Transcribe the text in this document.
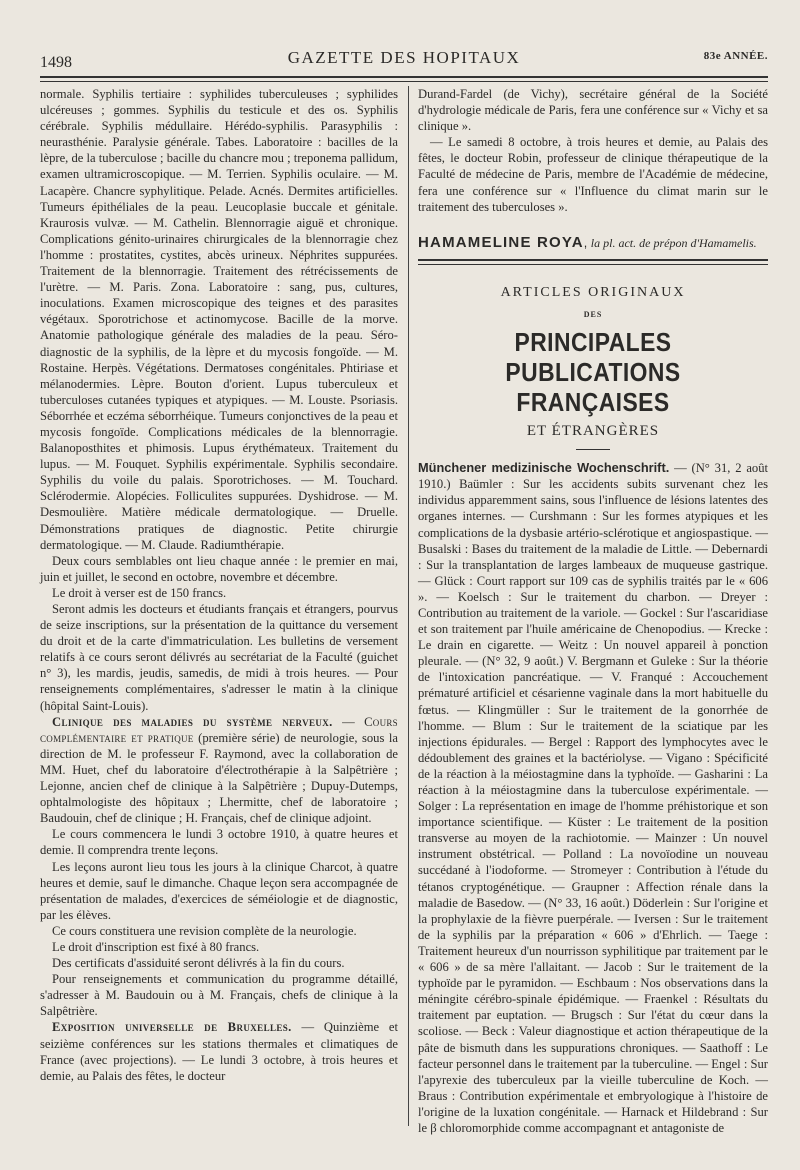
1498	GAZETTE DES HOPITAUX	83e ANNÉE.

normale. Syphilis tertiaire : syphilides tuberculeuses ; syphilides ulcéreuses ; gommes. Syphilis du testicule et des os. Syphilis cérébrale. Syphilis médullaire. Hérédo-syphilis. Parasyphilis : neurasthénie. Paralysie générale. Tabes. Laboratoire : bacilles de la lèpre, de la tuberculose ; bacille du chancre mou ; treponema pallidum, examen ultramicroscopique. — M. Terrien. Syphilis oculaire. — M. Lacapère. Chancre syphylitique. Pelade. Acnés. Dermites artificielles. Tumeurs épithéliales de la peau. Leucoplasie buccale et génitale. Kraurosis vulvæ. — M. Cathelin. Blennorragie aiguë et chronique. Complications génito-urinaires chirurgicales de la blennorragie chez l'homme : prostatites, cystites, abcès urineux. Néphrites suppurées. Traitement de la blennorragie. Traitement des rétrécissements de l'urètre. — M. Paris. Zona. Laboratoire : sang, pus, cultures, inoculations. Examen microscopique des teignes et des parasites végétaux. Sporotrichose et actinomycose. Bacille de la morve. Anatomie pathologique générale des maladies de la peau. Séro-diagnostic de la syphilis, de la lèpre et du mycosis fongoïde. — M. Rostaine. Herpès. Végétations. Dermatoses congénitales. Phtiriase et mélanodermies. Lèpre. Bouton d'orient. Lupus tuberculeux et tuberculoses cutanées typiques et atypiques. — M. Louste. Psoriasis. Séborrhée et eczéma séborrhéique. Tumeurs conjonctives de la peau et mycosis fongoïde. Complications médicales de la blennorragie. Balanoposthites et phimosis. Lupus érythémateux. Traitement du lupus. — M. Fouquet. Syphilis expérimentale. Syphilis secondaire. Syphilis du voile du palais. Sporotrichoses. — M. Touchard. Sclérodermie. Alopécies. Folliculites suppurées. Dyshidrose. — M. Desmoulière. Matière médicale dermatologique. — Druelle. Démonstrations pratiques de diagnostic. Petite chirurgie dermatologique. — M. Claude. Radiumthérapie.

Deux cours semblables ont lieu chaque année : le premier en mai, juin et juillet, le second en octobre, novembre et décembre.

Le droit à verser est de 150 francs.

Seront admis les docteurs et étudiants français et étrangers, pourvus de seize inscriptions, sur la présentation de la quittance du versement du droit et de la carte d'immatriculation. Les bulletins de versement relatifs à ce cours seront délivrés au secrétariat de la Faculté (guichet n° 3), les mardis, jeudis, samedis, de midi à trois heures. — Pour renseignements complémentaires, s'adresser le matin à la clinique (hôpital Saint-Louis).

Clinique des maladies du système nerveux. — Cours complémentaire et pratique (première série) de neurologie, sous la direction de M. le professeur F. Raymond, avec la collaboration de MM. Huet, chef du laboratoire d'électrothérapie à la Salpêtrière ; Lejonne, ancien chef de clinique à la Salpêtrière ; Dupuy-Dutemps, ophtalmologiste des hôpitaux ; Lhermitte, chef de laboratoire ; Baudouin, chef de clinique ; H. Français, chef de clinique adjoint.

Le cours commencera le lundi 3 octobre 1910, à quatre heures et demie. Il comprendra trente leçons.

Les leçons auront lieu tous les jours à la clinique Charcot, à quatre heures et demie, sauf le dimanche. Chaque leçon sera accompagnée de présentation de malades, d'exercices de séméiologie et de diagnostic, par les élèves.

Ce cours constituera une revision complète de la neurologie.

Le droit d'inscription est fixé à 80 francs.

Des certificats d'assiduité seront délivrés à la fin du cours.

Pour renseignements et communication du programme détaillé, s'adresser à M. Baudouin ou à M. Français, chefs de clinique à la Salpêtrière.

Exposition universelle de Bruxelles. — Quinzième et seizième conférences sur les stations thermales et climatiques de France (avec projections). — Le lundi 3 octobre, à trois heures et demie, au Palais des fêtes, le docteur

Durand-Fardel (de Vichy), secrétaire général de la Société d'hydrologie médicale de Paris, fera une conférence sur « Vichy et sa clinique ».

— Le samedi 8 octobre, à trois heures et demie, au Palais des fêtes, le docteur Robin, professeur de clinique thérapeutique de la Faculté de médecine de Paris, membre de l'Académie de médecine, fera une conférence sur « l'Influence du climat marin sur le traitement des tuberculoses ».

HAMAMELINE ROYA, la pl. act. de prépon d'Hamamelis.
ARTICLES ORIGINAUX
DES
PRINCIPALES PUBLICATIONS FRANÇAISES
ET ÉTRANGÈRES

Münchener medizinische Wochenschrift. — (N° 31, 2 août 1910.) Baümler : Sur les accidents subits survenant chez les individus apparemment sains, sous l'influence de lésions latentes des organes internes. — Curshmann : Sur les formes atypiques et les complications de la dysbasie artério-sclérotique et angiospastique. — Busalski : Bases du traitement de la maladie de Little. — Debernardi : Sur la transplantation de larges lambeaux de muqueuse gastrique. — Glück : Court rapport sur 109 cas de syphilis traités par le « 606 ». — Koelsch : Sur le traitement du charbon. — Dreyer : Contribution au traitement de la variole. — Gockel : Sur l'ascaridiase et son traitement par l'huile américaine de Chenopodius. — Krecke : Le drain en cigarette. — Weitz : Un nouvel appareil à ponction pleurale. — (N° 32, 9 août.) V. Bergmann et Guleke : Sur la théorie de l'intoxication pancréatique. — V. Franqué : Accouchement prématuré artificiel et césarienne vaginale dans la mort habituelle du fœtus. — Klingmüller : Sur le traitement de la gonorrhée de l'homme. — Blum : Sur le traitement de la sciatique par les injections épidurales. — Bergel : Rapport des lymphocytes avec le dédoublement des graines et la bactériolyse. — Vigano : Spécificité de la réaction à la méiostagmine dans la typhoïde. — Gasharini : La réaction à la méiostagmine dans la tuberculose expérimentale. — Solger : La représentation en image de l'homme préhistorique et son importance scientifique. — Küster : Le traitement de la position transverse au moyen de la rachiotomie. — Mainzer : Un nouvel instrument obstétrical. — Polland : La novoïodine un nouveau succédané à l'iodoforme. — Stromeyer : Contribution à l'étude du tétanos cryptogénétique. — Graupner : Affection rénale dans la maladie de Basedow. — (N° 33, 16 août.) Döderlein : Sur l'origine et la prophylaxie de la fièvre puerpérale. — Iversen : Sur le traitement de la syphilis par la préparation « 606 » d'Ehrlich. — Taege : Traitement heureux d'un nourrisson syphilitique par traitement par le « 606 » de sa mère l'allaitant. — Jacob : Sur le traitement de la typhoïde par le pyramidon. — Eschbaum : Nos observations dans la méningite cérébro-spinale épidémique. — Fraenkel : Résultats du traitement par euptation. — Brugsch : Sur l'état du cœur dans la scoliose. — Beck : Valeur diagnostique et action thérapeutique de la pâte de bismuth dans les suppurations chroniques. — Saathoff : Le facteur personnel dans le traitement par la tuberculine. — Engel : Sur l'apyrexie des tuberculeux par la vieille tuberculine de Koch. — Braus : Contribution expérimentale et embryologique à l'histoire de l'origine de la luxation congénitale. — Harnack et Hildebrand : Sur le β chloromorphide comme accompagnant et antagoniste de
